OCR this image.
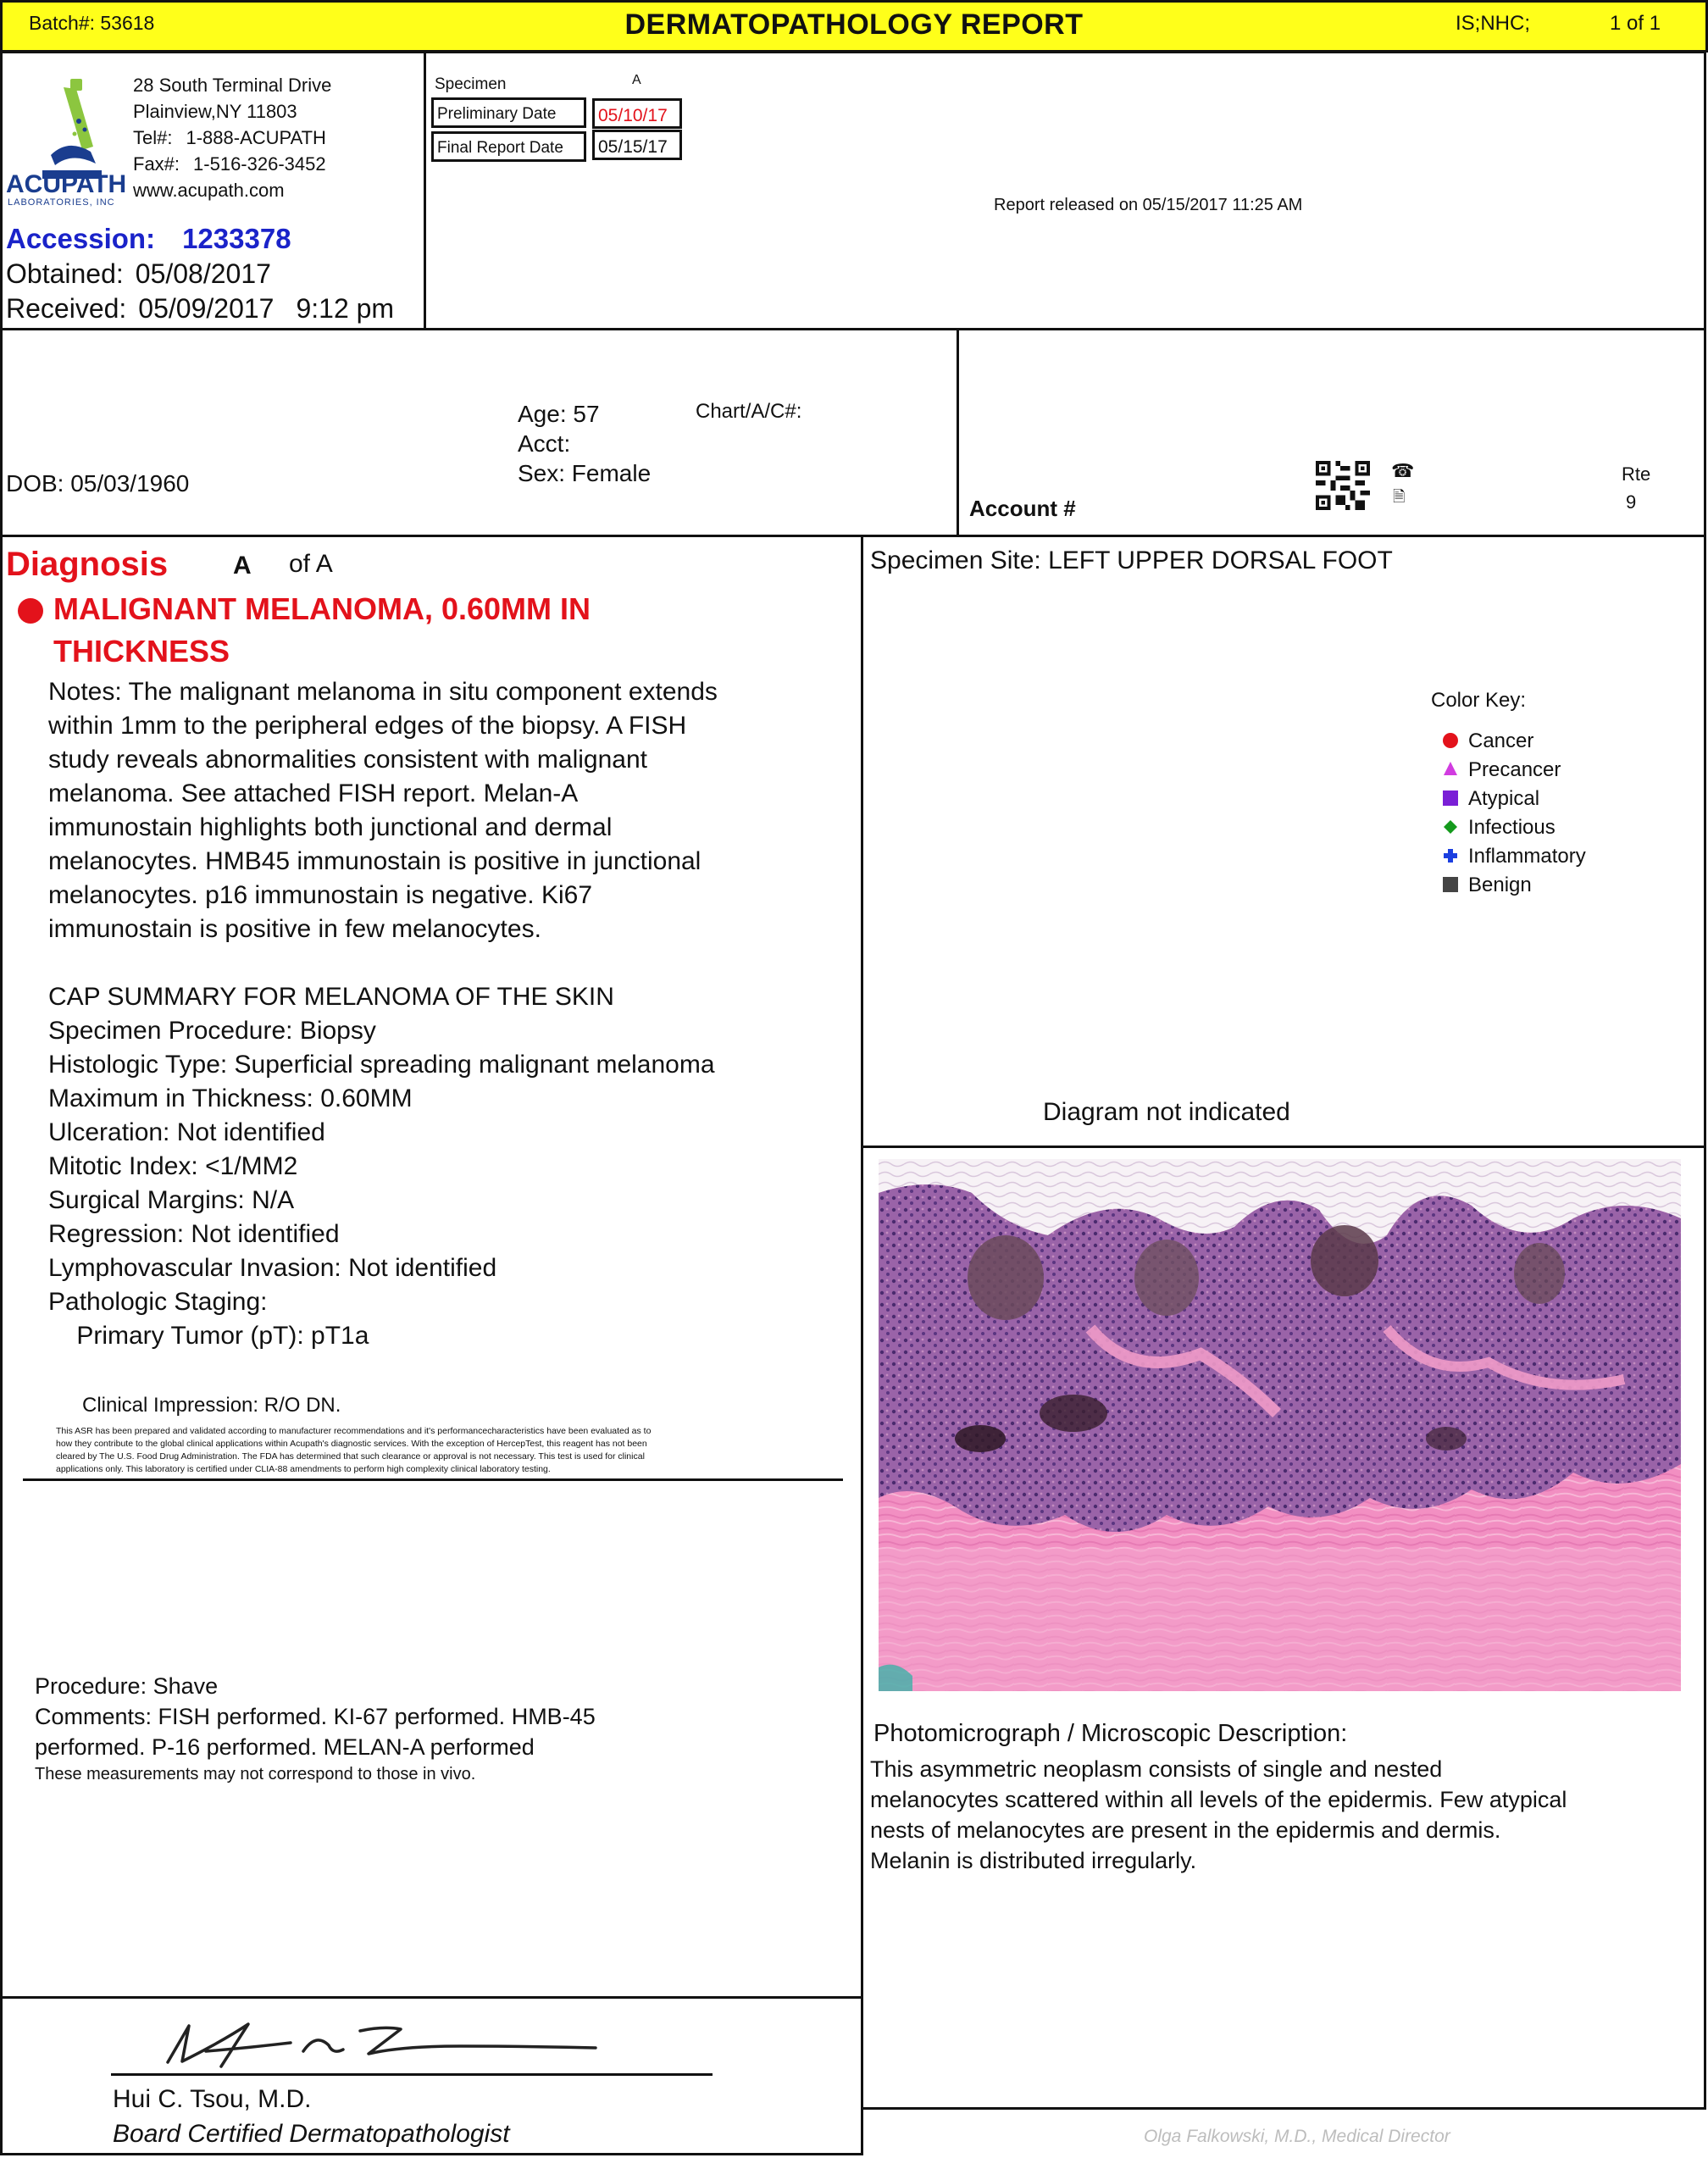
Batch#: 53618	DERMATOPATHOLOGY REPORT	IS;NHC;	1 of 1
ACUPATH
LABORATORIES, INC
28 South Terminal Drive
Plainview,NY 11803
Tel#: 1-888-ACUPATH
Fax#: 1-516-326-3452
www.acupath.com
Accession: 1233378
Obtained: 05/08/2017
Received: 05/09/2017 9:12 pm
Specimen	A
Preliminary Date	05/10/17
Final Report Date	05/15/17
Report released on 05/15/2017 11:25 AM
DOB: 05/03/1960
Age: 57
Acct:
Sex: Female
Chart/A/C#:
Account #
☎
🗎
Rte
9
Diagnosis	A of A
MALIGNANT MELANOMA, 0.60MM IN
THICKNESS
Notes: The malignant melanoma in situ component extends
within 1mm to the peripheral edges of the biopsy. A FISH
study reveals abnormalities consistent with malignant
melanoma. See attached FISH report. Melan-A
immunostain highlights both junctional and dermal
melanocytes. HMB45 immunostain is positive in junctional
melanocytes. p16 immunostain is negative. Ki67
immunostain is positive in few melanocytes.
CAP SUMMARY FOR MELANOMA OF THE SKIN
Specimen Procedure: Biopsy
Histologic Type: Superficial spreading malignant melanoma
Maximum in Thickness: 0.60MM
Ulceration: Not identified
Mitotic Index: <1/MM2
Surgical Margins: N/A
Regression: Not identified
Lymphovascular Invasion: Not identified
Pathologic Staging:
Primary Tumor (pT): pT1a
Clinical Impression: R/O DN.
This ASR has been prepared and validated according to manufacturer recommendations and it's performancecharacteristics have been evaluated as to
how they contribute to the global clinical applications within Acupath's diagnostic services. With the exception of HercepTest, this reagent has not been
cleared by The U.S. Food Drug Administration. The FDA has determined that such clearance or approval is not necessary. This test is used for clinical
applications only. This laboratory is certified under CLIA-88 amendments to perform high complexity clinical laboratory testing.
Procedure: Shave
Comments: FISH performed. KI-67 performed. HMB-45
performed. P-16 performed. MELAN-A performed
These measurements may not correspond to those in vivo.
Hui C. Tsou, M.D.
Board Certified Dermatopathologist
Specimen Site: LEFT UPPER DORSAL FOOT
Color Key:
Cancer
Precancer
Atypical
Infectious
Inflammatory
Benign
Diagram not indicated
Photomicrograph / Microscopic Description:
This asymmetric neoplasm consists of single and nested
melanocytes scattered within all levels of the epidermis. Few atypical
nests of melanocytes are present in the epidermis and dermis.
Melanin is distributed irregularly.
Olga Falkowski, M.D., Medical Director
